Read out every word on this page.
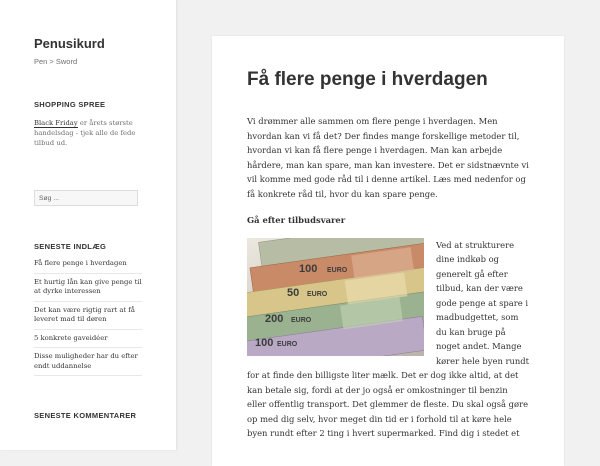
Penusikurd
Pen > Sword
SHOPPING SPREE
Black Friday er årets største handelsdag - tjek alle de fede tilbud ud.
Søg ...
SENESTE INDLÆG
Få flere penge i hverdagen
Et hurtig lån kan give penge til at dyrke interessen
Det kan være rigtig rart at få leveret mad til døren
5 konkrete gaveidéer
Disse muligheder har du efter endt uddannelse
SENESTE KOMMENTARER
Få flere penge i hverdagen

Vi drømmer alle sammen om flere penge i hverdagen. Men hvordan kan vi få det? Der findes mange forskellige metoder til, hvordan vi kan få flere penge i hverdagen. Man kan arbejde hårdere, man kan spare, man kan investere. Det er sidstnævnte vi vil komme med gode råd til i denne artikel. Læs med nedenfor og få konkrete råd til, hvor du kan spare penge.

Gå efter tilbudsvarer

100 EURO
50 EURO
200 EURO
100 EURO

Ved at strukturere dine indkøb og generelt gå efter tilbud, kan der være gode penge at spare i madbudgettet, som du kan bruge på noget andet. Mange kører hele byen rundt for at finde den billigste liter mælk. Det er dog ikke altid, at det kan betale sig, fordi at der jo også er omkostninger til benzin eller offentlig transport. Det glemmer de fleste. Du skal også gøre op med dig selv, hvor meget din tid er i forhold til at køre hele byen rundt efter 2 ting i hvert supermarked. Find dig i stedet et
